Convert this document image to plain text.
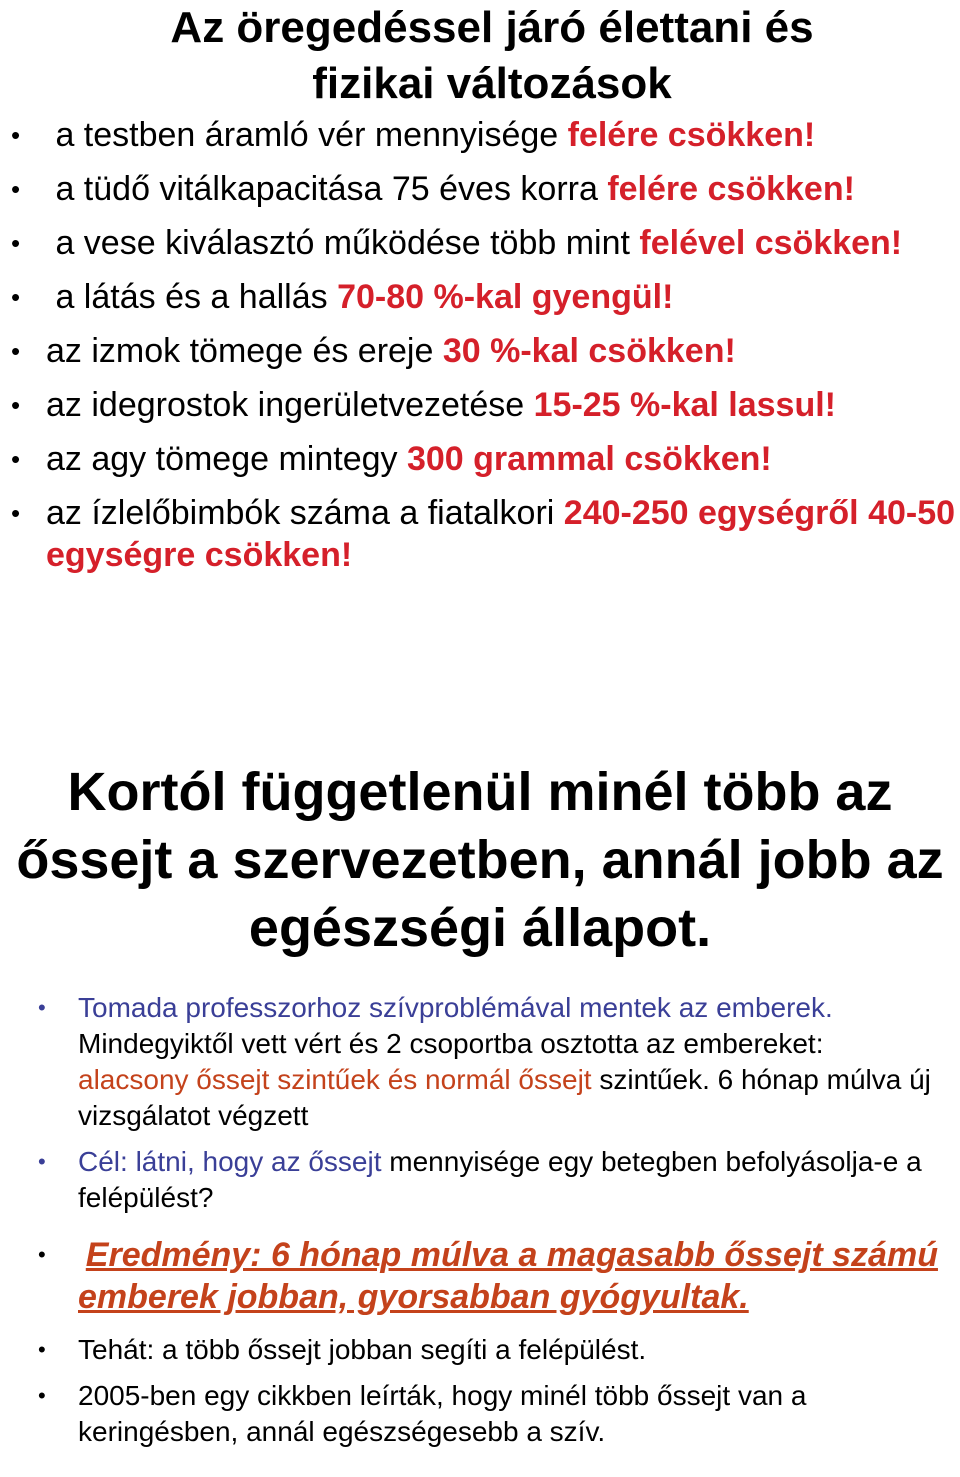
Az öregedéssel járó élettani és
fizikai változások
• a testben áramló vér mennyisége felére csökken!
• a tüdő vitálkapacitása 75 éves korra felére csökken!
• a vese kiválasztó működése több mint felével csökken!
• a látás és a hallás 70-80 %-kal gyengül!
• az izmok tömege és ereje 30 %-kal csökken!
• az idegrostok ingerületvezetése 15-25 %-kal lassul!
• az agy tömege mintegy 300 grammal csökken!
• az ízlelőbimbók száma a fiatalkori 240-250 egységről 40-50 egységre csökken!
Kortól függetlenül minél több az
őssejt a szervezetben, annál jobb az
egészségi állapot.
• Tomada professzorhoz szívproblémával mentek az emberek. Mindegyiktől vett vért és 2 csoportba osztotta az embereket: alacsony őssejt szintűek és normál őssejt szintűek. 6 hónap múlva új vizsgálatot végzett
• Cél: látni, hogy az őssejt mennyisége egy betegben befolyásolja-e a felépülést?
• Eredmény: 6 hónap múlva a magasabb őssejt számú emberek jobban, gyorsabban gyógyultak.
• Tehát: a több őssejt jobban segíti a felépülést.
• 2005-ben egy cikkben leírták, hogy minél több őssejt van a keringésben, annál egészségesebb a szív.
